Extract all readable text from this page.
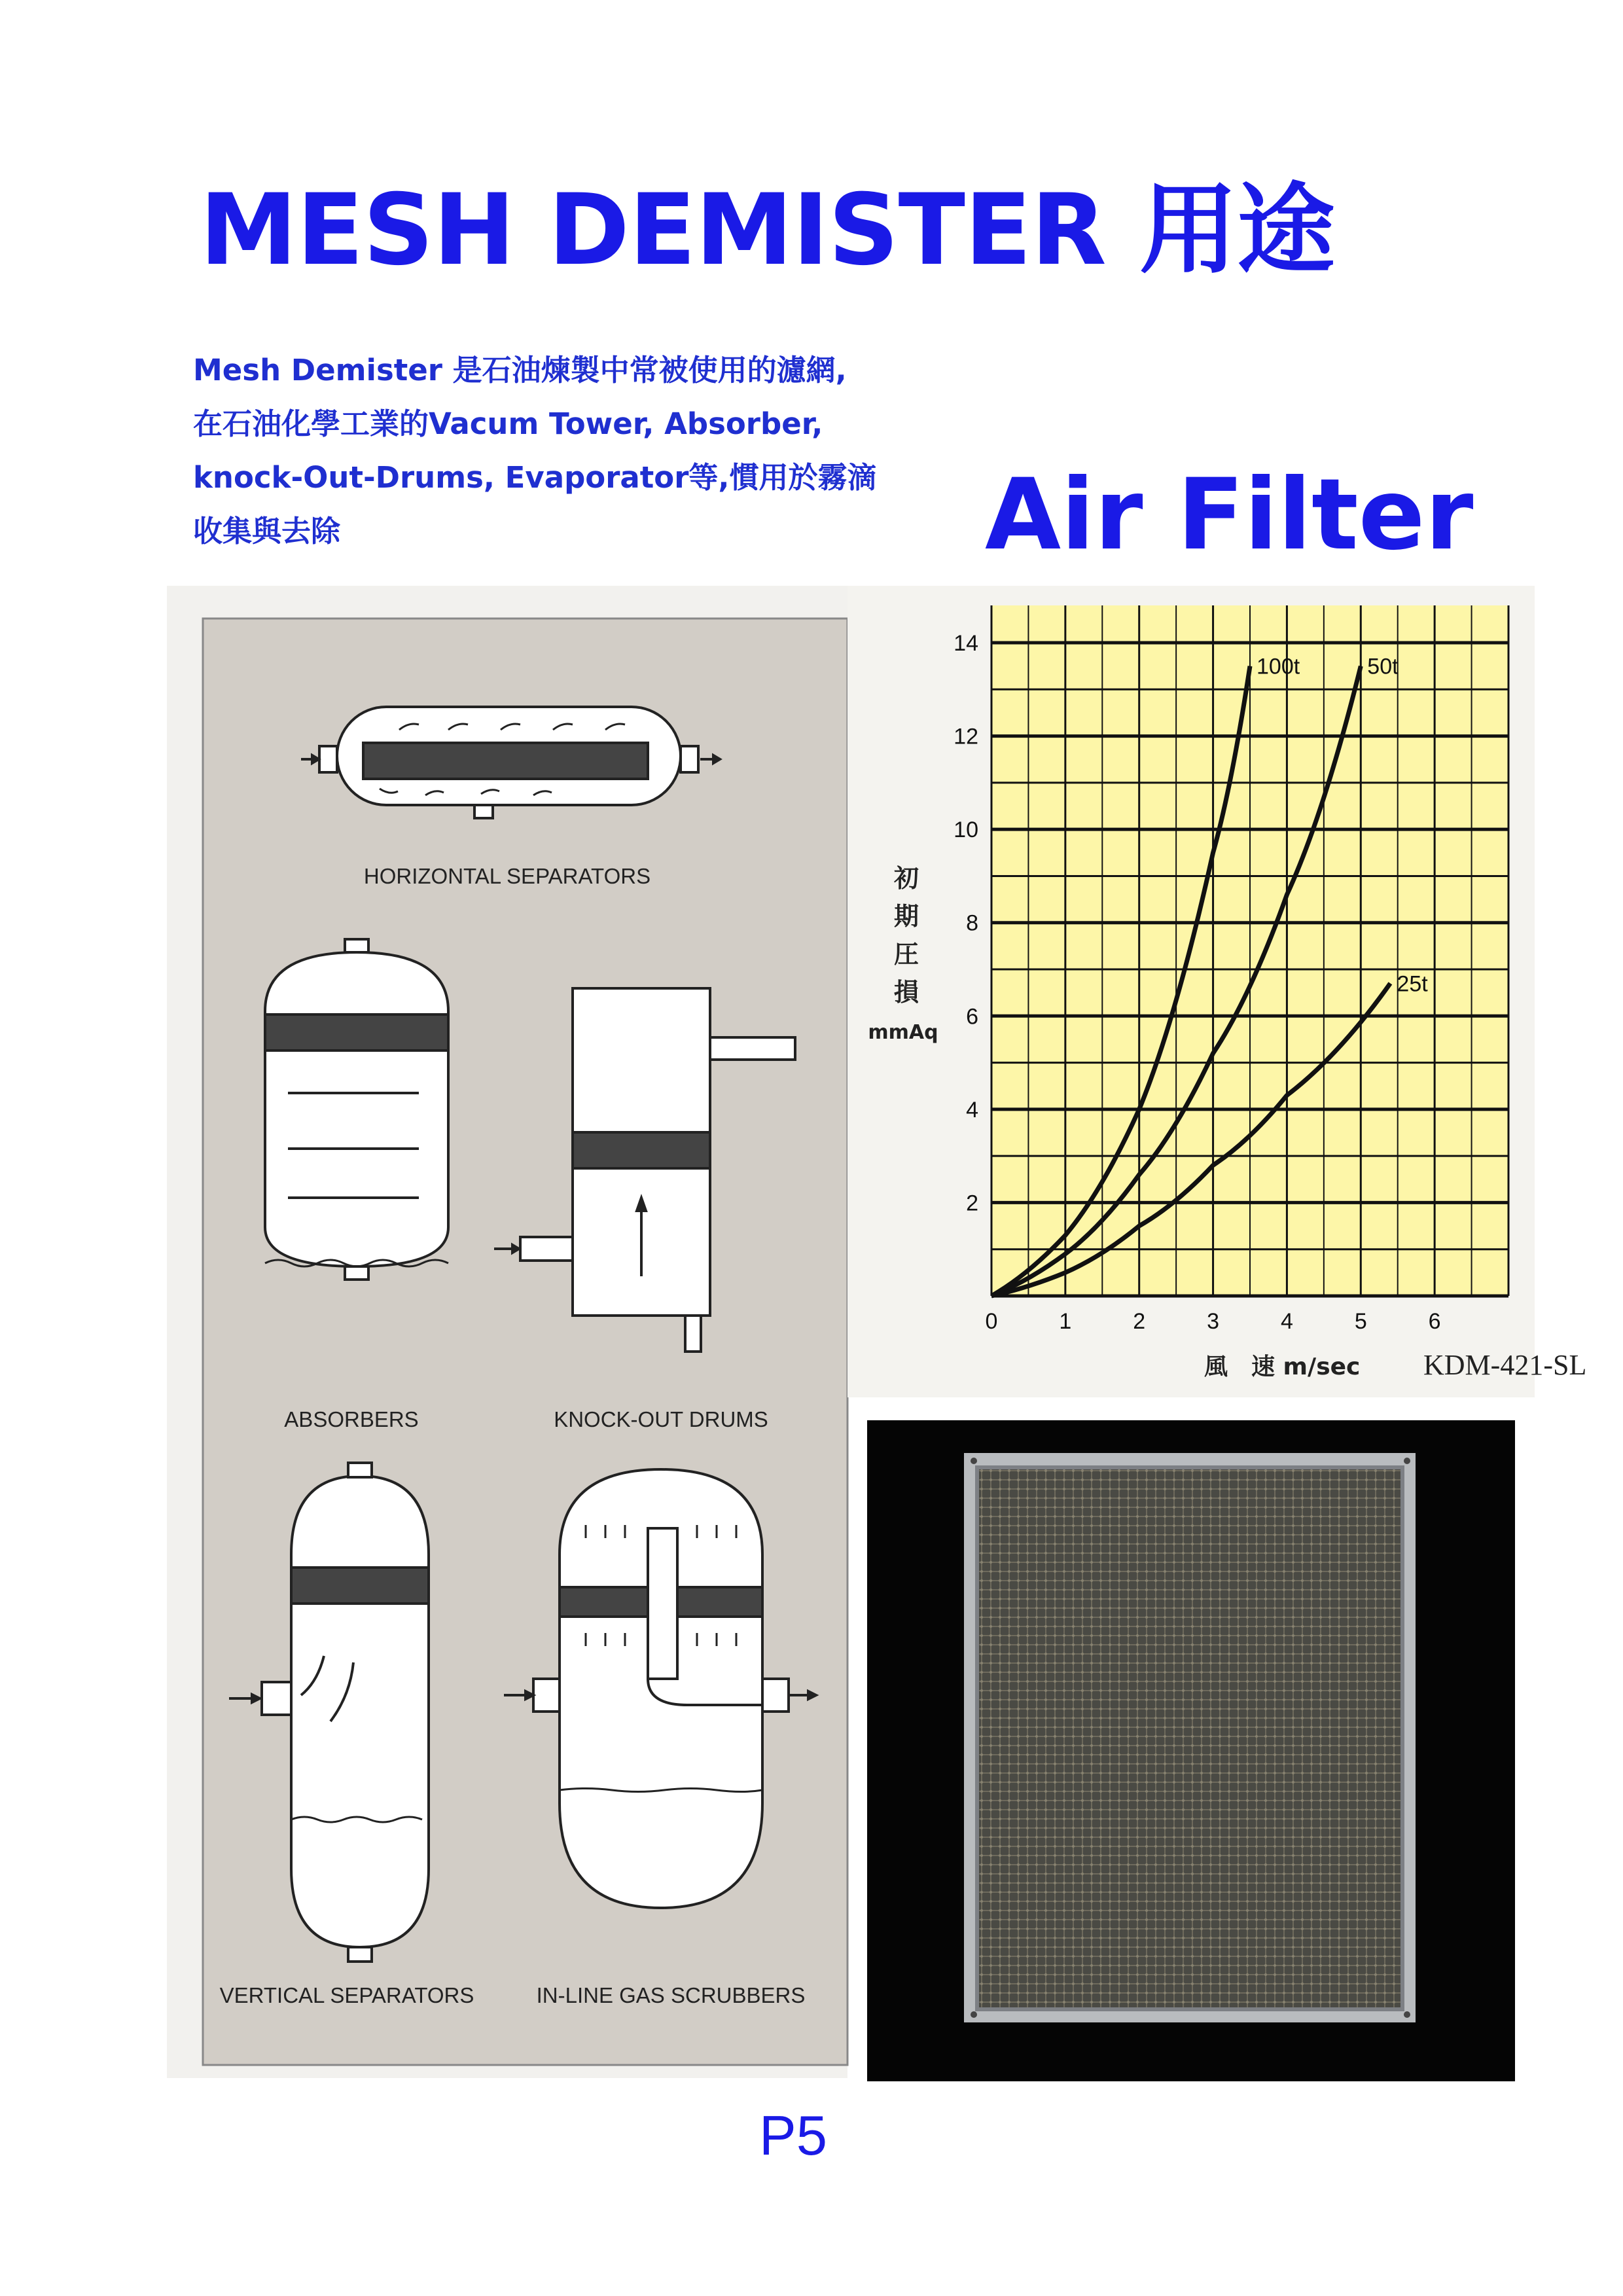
MESH DEMISTER 用途
Mesh Demister 是石油煉製中常被使用的濾網,
在石油化學工業的Vacum Tower, Absorber,
knock-Out-Drums, Evaporator等,慣用於霧滴
收集與去除	Air Filter
HORIZONTAL SEPARATORS
ABSORBERS	KNOCK-OUT DRUMS
VERTICAL SEPARATORS	IN-LINE GAS SCRUBBERS
100t	50t
25t
2
4
6
8
10
12
14
0	1	2	3	4	5	6
初
期
圧
損
mmAq
風　速 m/sec KDM-421-SL
P5
